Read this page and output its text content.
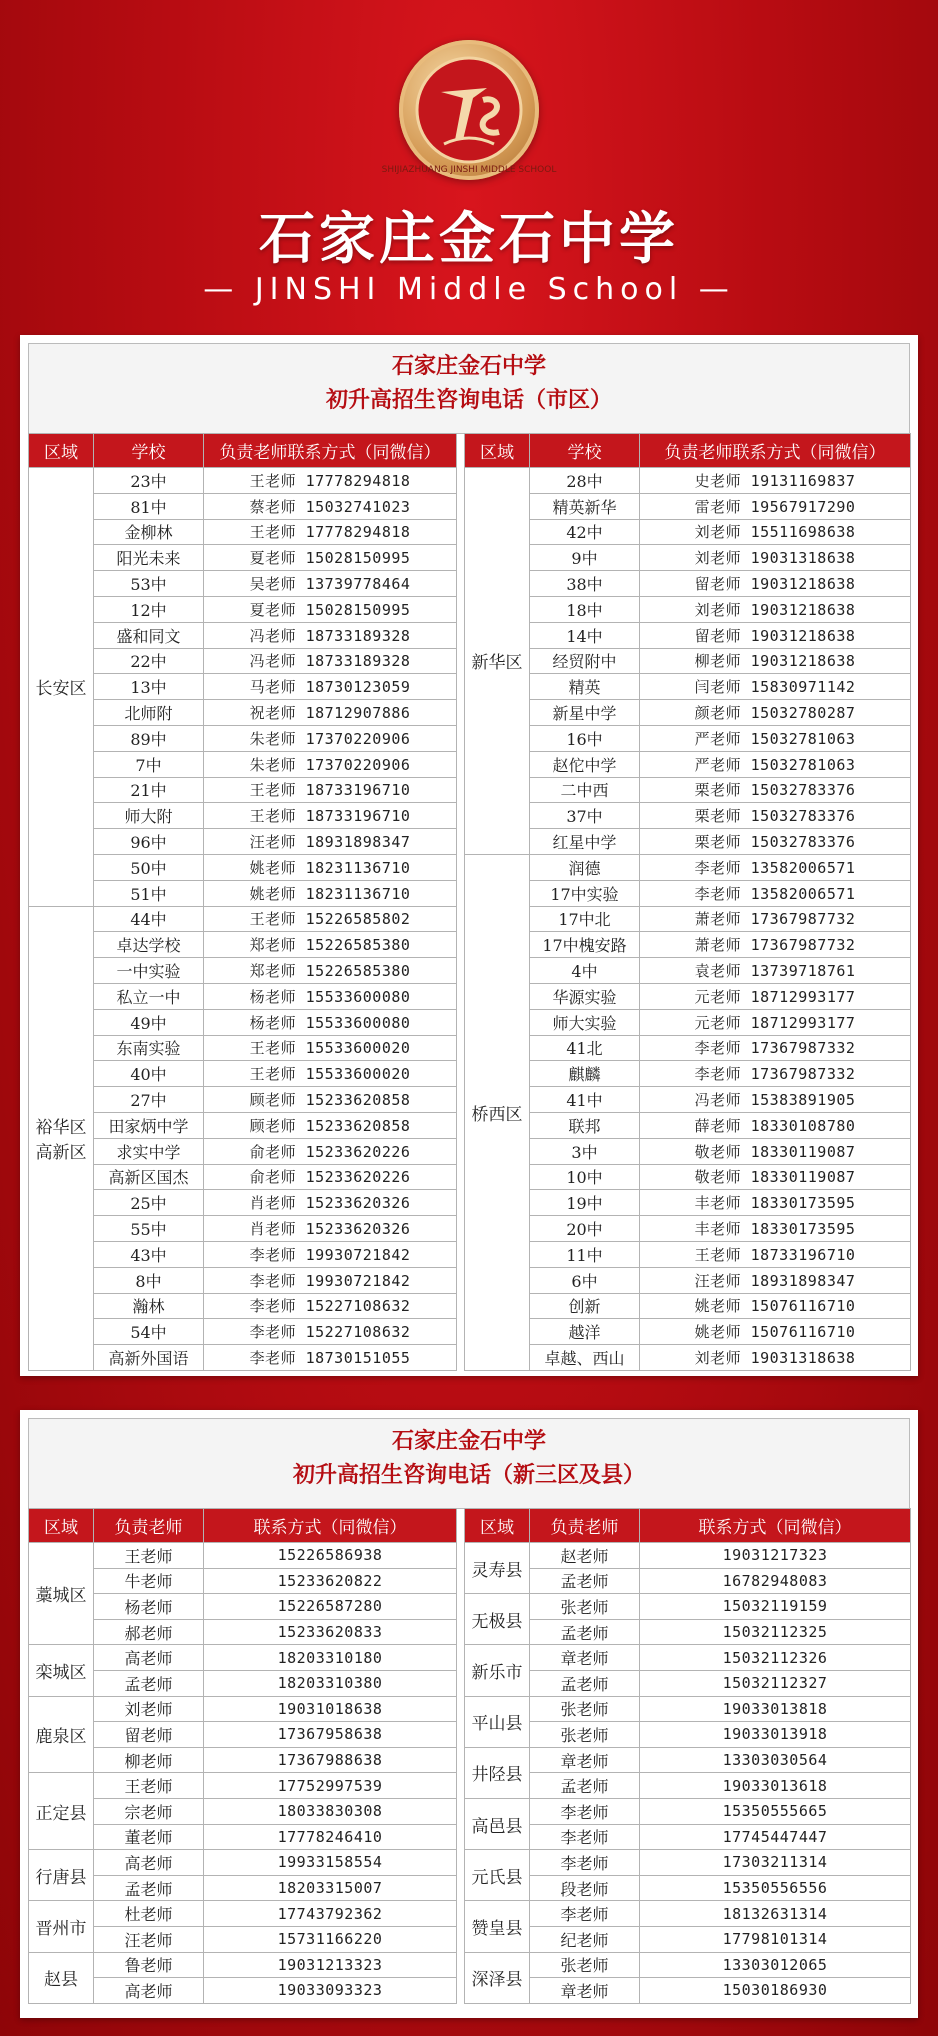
SHIJIAZHUANG JINSHI MIDDLE SCHOOL
石家庄金石中学
— JINSHI Middle School —
石家庄金石中学
初升高招生咨询电话（市区）
区域	学校	负责老师联系方式（同微信）		区域	学校	负责老师联系方式（同微信）
长安区	23中	王老师 17778294818		新华区	28中	史老师 19131169837
	81中	蔡老师 15032741023			精英新华	雷老师 19567917290
	金柳林	王老师 17778294818			42中	刘老师 15511698638
	阳光未来	夏老师 15028150995			9中	刘老师 19031318638
	53中	吴老师 13739778464			38中	留老师 19031218638
	12中	夏老师 15028150995			18中	刘老师 19031218638
	盛和同文	冯老师 18733189328			14中	留老师 19031218638
	22中	冯老师 18733189328			经贸附中	柳老师 19031218638
	13中	马老师 18730123059			精英	闫老师 15830971142
	北师附	祝老师 18712907886			新星中学	颜老师 15032780287
	89中	朱老师 17370220906			16中	严老师 15032781063
	7中	朱老师 17370220906			赵佗中学	严老师 15032781063
	21中	王老师 18733196710			二中西	栗老师 15032783376
	师大附	王老师 18733196710			37中	栗老师 15032783376
	96中	汪老师 18931898347			红星中学	栗老师 15032783376
	50中	姚老师 18231136710		桥西区	润德	李老师 13582006571
	51中	姚老师 18231136710			17中实验	李老师 13582006571
裕华区
高新区	44中	王老师 15226585802			17中北	萧老师 17367987732
	卓达学校	郑老师 15226585380			17中槐安路	萧老师 17367987732
	一中实验	郑老师 15226585380			4中	袁老师 13739718761
	私立一中	杨老师 15533600080			华源实验	元老师 18712993177
	49中	杨老师 15533600080			师大实验	元老师 18712993177
	东南实验	王老师 15533600020			41北	李老师 17367987332
	40中	王老师 15533600020			麒麟	李老师 17367987332
	27中	顾老师 15233620858			41中	冯老师 15383891905
	田家炳中学	顾老师 15233620858			联邦	薛老师 18330108780
	求实中学	俞老师 15233620226			3中	敬老师 18330119087
	高新区国杰	俞老师 15233620226			10中	敬老师 18330119087
	25中	肖老师 15233620326			19中	丰老师 18330173595
	55中	肖老师 15233620326			20中	丰老师 18330173595
	43中	李老师 19930721842			11中	王老师 18733196710
	8中	李老师 19930721842			6中	汪老师 18931898347
	瀚林	李老师 15227108632			创新	姚老师 15076116710
	54中	李老师 15227108632			越洋	姚老师 15076116710
	高新外国语	李老师 18730151055			卓越、西山	刘老师 19031318638
石家庄金石中学
初升高招生咨询电话（新三区及县）
区域	负责老师	联系方式（同微信）		区域	负责老师	联系方式（同微信）
藁城区	王老师	15226586938		灵寿县	赵老师	19031217323
	牛老师	15233620822			孟老师	16782948083
	杨老师	15226587280		无极县	张老师	15032119159
	郝老师	15233620833			孟老师	15032112325
栾城区	高老师	18203310180		新乐市	章老师	15032112326
	孟老师	18203310380			孟老师	15032112327
鹿泉区	刘老师	19031018638		平山县	张老师	19033013818
	留老师	17367958638			张老师	19033013918
	柳老师	17367988638		井陉县	章老师	13303030564
正定县	王老师	17752997539			孟老师	19033013618
	宗老师	18033830308		高邑县	李老师	15350555665
	董老师	17778246410			李老师	17745447447
行唐县	高老师	19933158554		元氏县	李老师	17303211314
	孟老师	18203315007			段老师	15350556556
晋州市	杜老师	17743792362		赞皇县	李老师	18132631314
	汪老师	15731166220			纪老师	17798101314
赵县	鲁老师	19031213323		深泽县	张老师	13303012065
	高老师	19033093323			章老师	15030186930
